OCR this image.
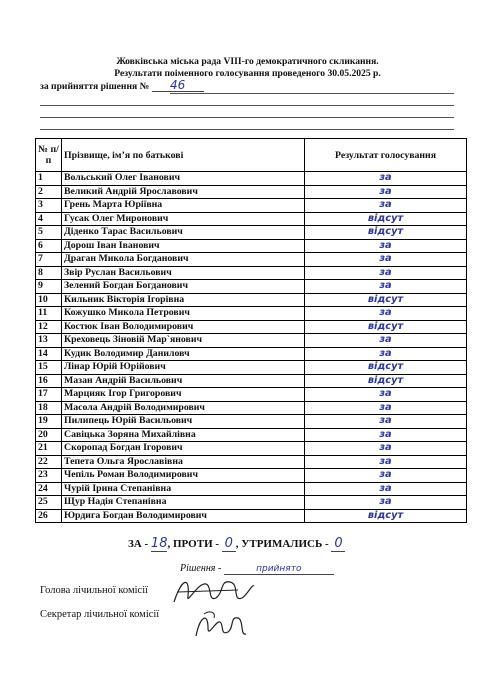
Жовківська міська рада VIII-го демократичного скликання.
Результати поіменного голосування проведеного 30.05.2025 р.
за прийняття рішення № 46
№ п/п	Прізвище, ім’я по батькові	Результат голосування
1	Вольський Олег Іванович	за
2	Великий Андрій Ярославович	за
3	Грень Марта Юріївна	за
4	Гусак Олег Миронович	відсут
5	Діденко Тарас Васильович	відсут
6	Дорош Іван Іванович	за
7	Драган Микола Богданович	за
8	Звір Руслан Васильович	за
9	Зелений Богдан Богданович	за
10	Кильник Вікторія Ігорівна	відсут
11	Кожушко Микола Петрович	за
12	Костюк Іван Володимирович	відсут
13	Креховець Зіновій Мар`янович	за
14	Кудик Володимир Даниловч	за
15	Лінар Юрій Юрійович	відсут
16	Мазан Андрій Васильович	відсут
17	Марцияк Ігор Григорович	за
18	Масола Андрій Володимирович	за
19	Пилипець Юрій Васильович	за
20	Савіцька Зоряна Михайлівна	за
21	Скоропад Богдан Ігорович	за
22	Тепета Ольга Ярославівна	за
23	Чепіль Роман Володимирович	за
24	Чурій Ірина Степанівна	за
25	Щур Надія Степанівна	за
26	Юрдига Богдан Володимирович	відсут
ЗА - 18, ПРОТИ - 0 , УТРИМАЛИСЬ - 0
Рішення -	прийнято
Голова лічильної комісії
Секретар лічильної комісії
